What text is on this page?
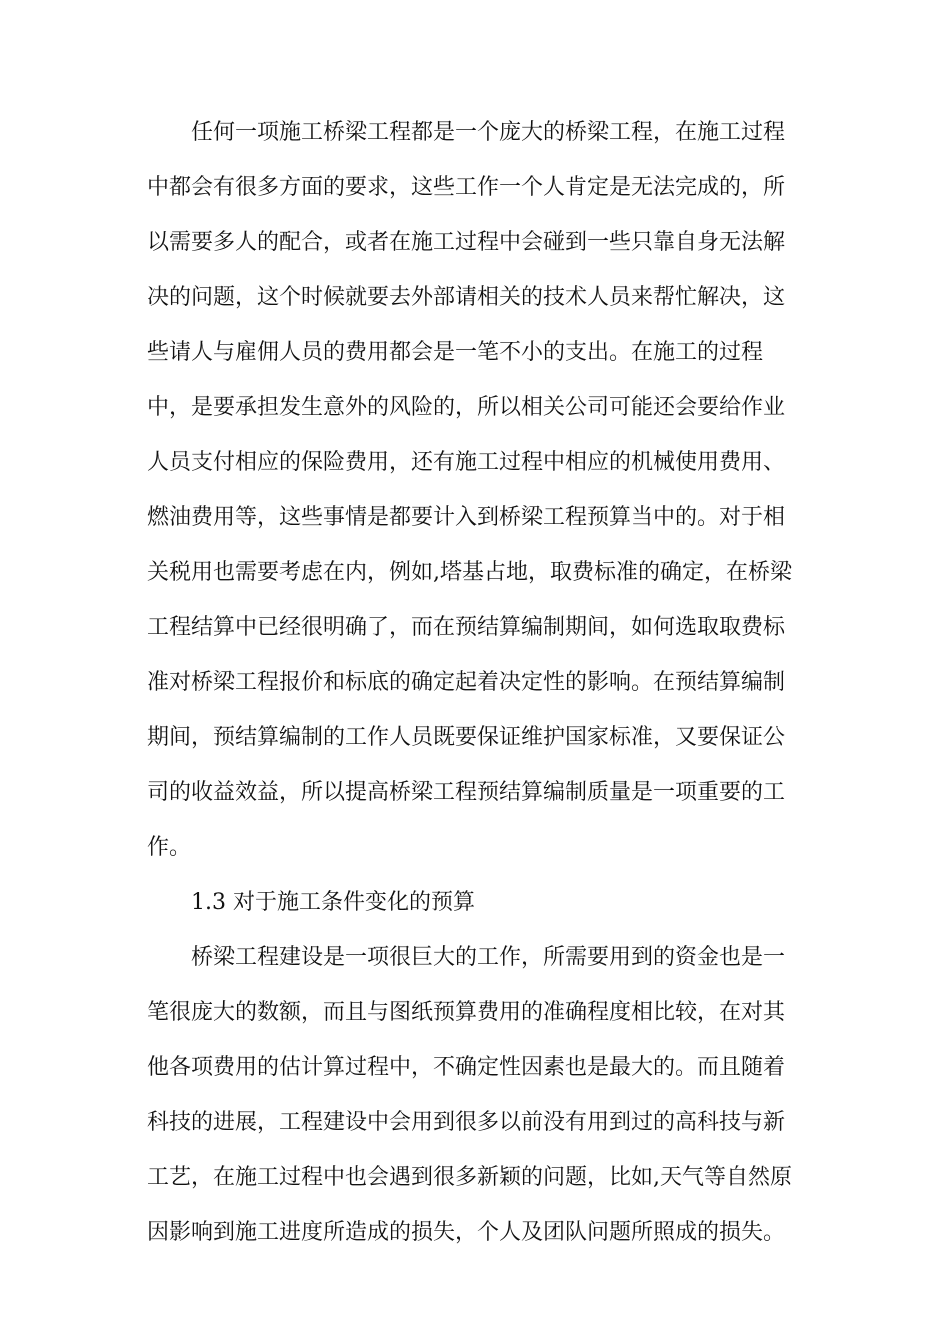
任何一项施工桥梁工程都是一个庞大的桥梁工程，在施工过程
中都会有很多方面的要求，这些工作一个人肯定是无法完成的，所
以需要多人的配合，或者在施工过程中会碰到一些只靠自身无法解
决的问题，这个时候就要去外部请相关的技术人员来帮忙解决，这
些请人与雇佣人员的费用都会是一笔不小的支出。在施工的过程
中，是要承担发生意外的风险的，所以相关公司可能还会要给作业
人员支付相应的保险费用，还有施工过程中相应的机械使用费用、
燃油费用等，这些事情是都要计入到桥梁工程预算当中的。对于相
关税用也需要考虑在内，例如,塔基占地，取费标准的确定，在桥梁
工程结算中已经很明确了，而在预结算编制期间，如何选取取费标
准对桥梁工程报价和标底的确定起着决定性的影响。在预结算编制
期间，预结算编制的工作人员既要保证维护国家标准，又要保证公
司的收益效益，所以提高桥梁工程预结算编制质量是一项重要的工
作。
1.3 对于施工条件变化的预算
桥梁工程建设是一项很巨大的工作，所需要用到的资金也是一
笔很庞大的数额，而且与图纸预算费用的准确程度相比较，在对其
他各项费用的估计算过程中，不确定性因素也是最大的。而且随着
科技的进展，工程建设中会用到很多以前没有用到过的高科技与新
工艺，在施工过程中也会遇到很多新颖的问题，比如,天气等自然原
因影响到施工进度所造成的损失，个人及团队问题所照成的损失。
